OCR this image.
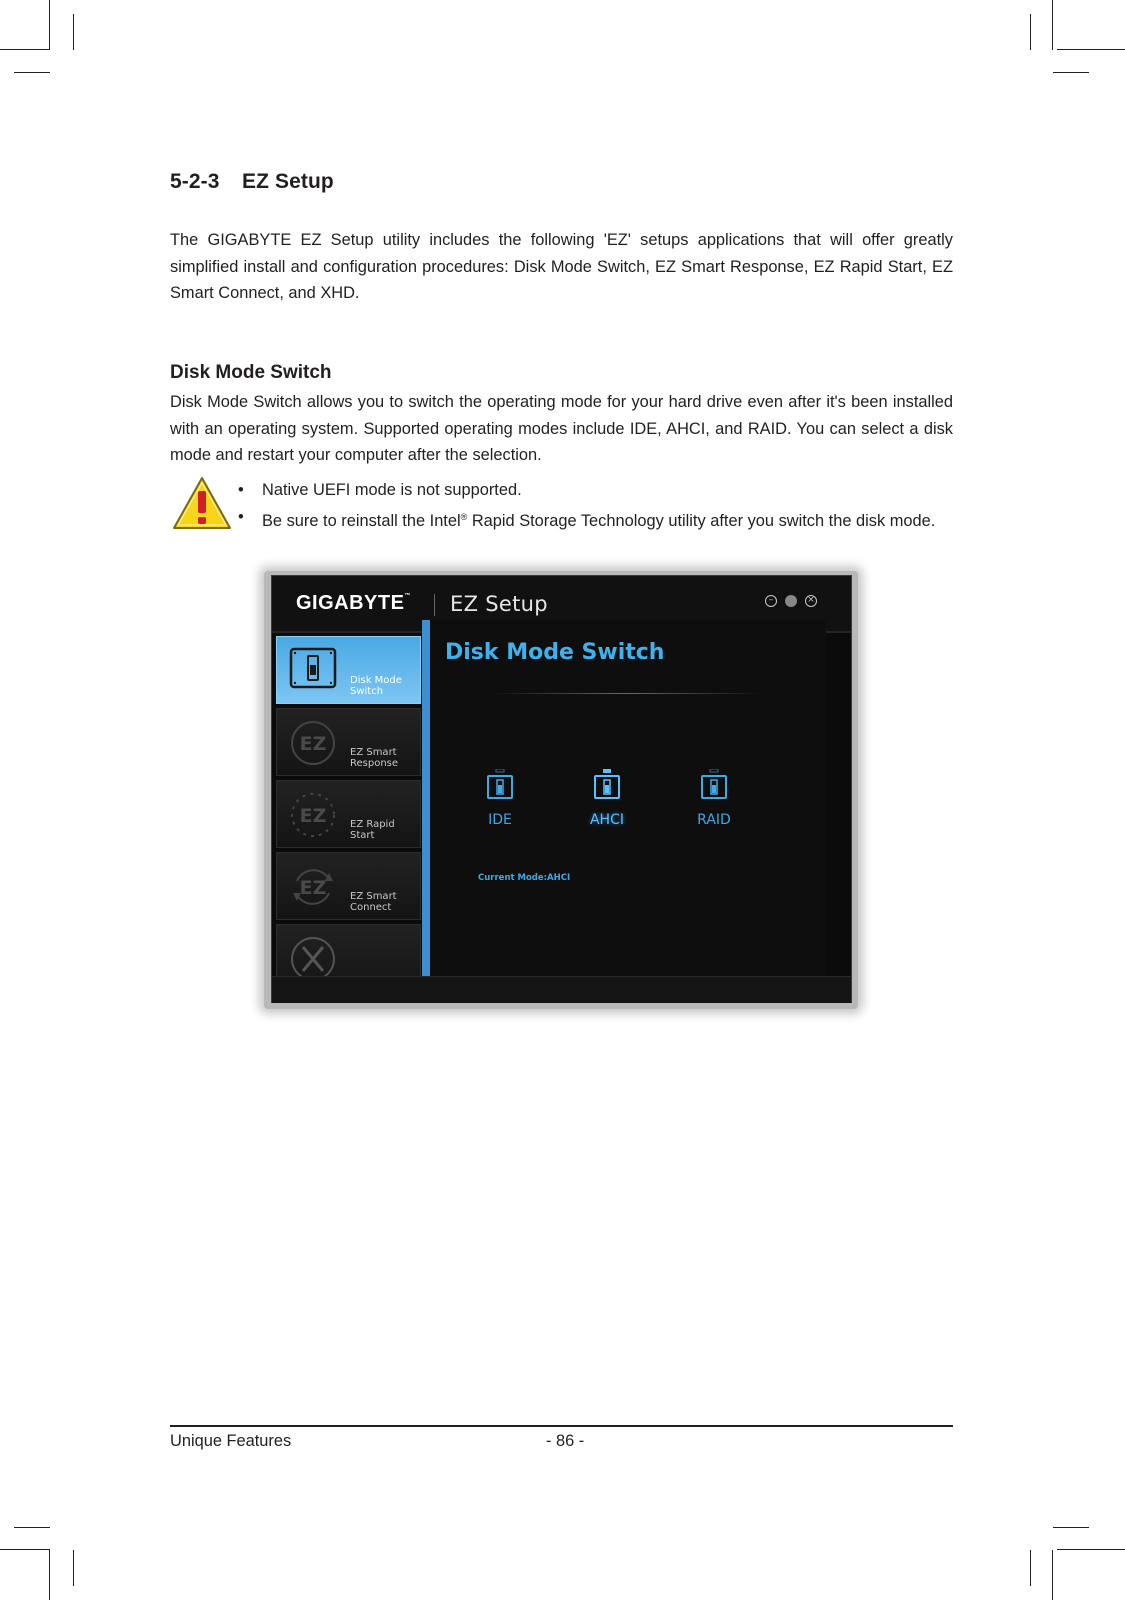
5-2-3 EZ Setup
The GIGABYTE EZ Setup utility includes the following 'EZ' setups applications that will offer greatly simplified install and configuration procedures: Disk Mode Switch, EZ Smart Response, EZ Rapid Start, EZ Smart Connect, and XHD.
Disk Mode Switch
Disk Mode Switch allows you to switch the operating mode for your hard drive even after it's been installed with an operating system. Supported operating modes include IDE, AHCI, and RAID. You can select a disk mode and restart your computer after the selection.
• Native UEFI mode is not supported.
• Be sure to reinstall the Intel® Rapid Storage Technology utility after you switch the disk mode.
GIGABYTE™ EZ Setup	–	×
Disk Mode
Switch
EZ EZ Smart
Response
EZ EZ Rapid
Start
EZ EZ Smart
Connect
Disk Mode Switch
IDE	AHCI	RAID
Current Mode:AHCI
Unique Features	- 86 -
